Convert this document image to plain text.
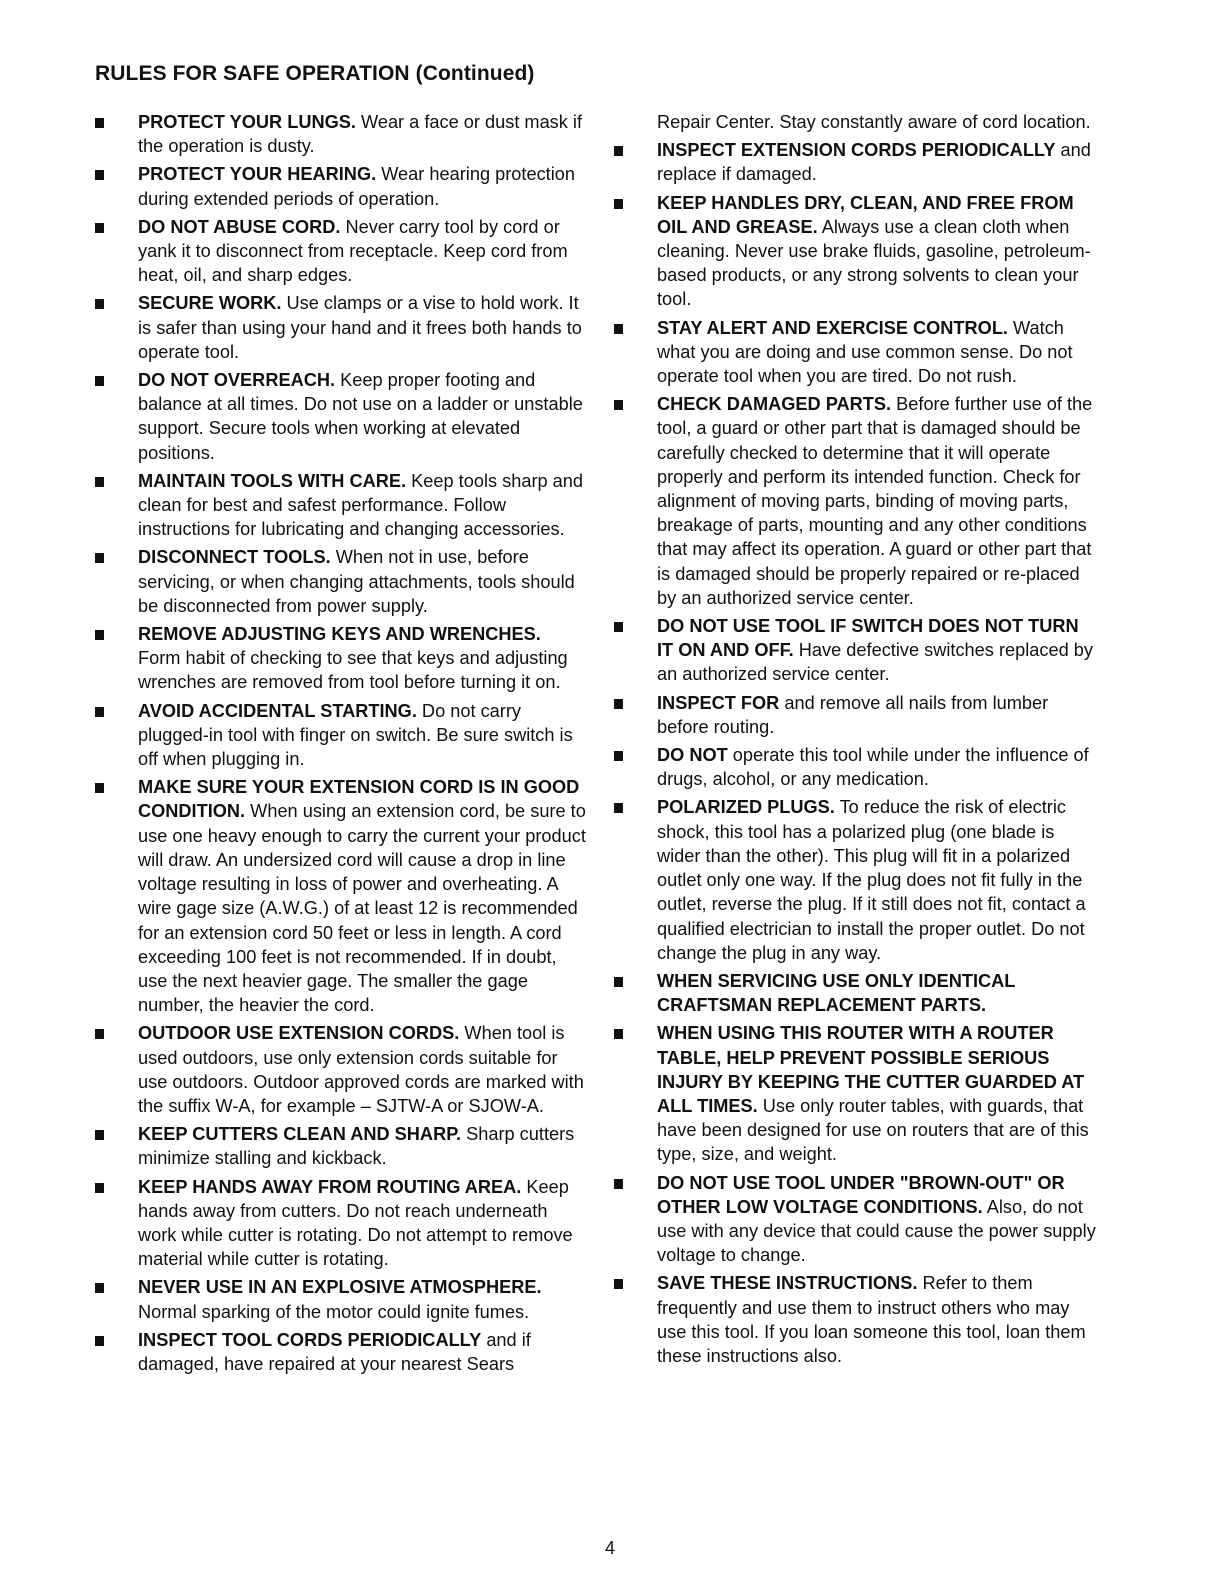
RULES FOR SAFE OPERATION (Continued)
PROTECT YOUR LUNGS. Wear a face or dust mask if the operation is dusty.
PROTECT YOUR HEARING. Wear hearing protection during extended periods of operation.
DO NOT ABUSE CORD. Never carry tool by cord or yank it to disconnect from receptacle. Keep cord from heat, oil, and sharp edges.
SECURE WORK. Use clamps or a vise to hold work. It is safer than using your hand and it frees both hands to operate tool.
DO NOT OVERREACH. Keep proper footing and balance at all times. Do not use on a ladder or unstable support. Secure tools when working at elevated positions.
MAINTAIN TOOLS WITH CARE. Keep tools sharp and clean for best and safest performance. Follow instructions for lubricating and changing accessories.
DISCONNECT TOOLS. When not in use, before servicing, or when changing attachments, tools should be disconnected from power supply.
REMOVE ADJUSTING KEYS AND WRENCHES. Form habit of checking to see that keys and adjusting wrenches are removed from tool before turning it on.
AVOID ACCIDENTAL STARTING. Do not carry plugged-in tool with finger on switch. Be sure switch is off when plugging in.
MAKE SURE YOUR EXTENSION CORD IS IN GOOD CONDITION. When using an extension cord, be sure to use one heavy enough to carry the current your product will draw. An undersized cord will cause a drop in line voltage resulting in loss of power and overheating. A wire gage size (A.W.G.) of at least 12 is recommended for an extension cord 50 feet or less in length. A cord exceeding 100 feet is not recommended. If in doubt, use the next heavier gage. The smaller the gage number, the heavier the cord.
OUTDOOR USE EXTENSION CORDS. When tool is used outdoors, use only extension cords suitable for use outdoors. Outdoor approved cords are marked with the suffix W-A, for example – SJTW-A or SJOW-A.
KEEP CUTTERS CLEAN AND SHARP. Sharp cutters minimize stalling and kickback.
KEEP HANDS AWAY FROM ROUTING AREA. Keep hands away from cutters. Do not reach underneath work while cutter is rotating. Do not attempt to remove material while cutter is rotating.
NEVER USE IN AN EXPLOSIVE ATMOSPHERE. Normal sparking of the motor could ignite fumes.
INSPECT TOOL CORDS PERIODICALLY and if damaged, have repaired at your nearest Sears
Repair Center. Stay constantly aware of cord location.
INSPECT EXTENSION CORDS PERIODICALLY and replace if damaged.
KEEP HANDLES DRY, CLEAN, AND FREE FROM OIL AND GREASE. Always use a clean cloth when cleaning. Never use brake fluids, gasoline, petroleum-based products, or any strong solvents to clean your tool.
STAY ALERT AND EXERCISE CONTROL. Watch what you are doing and use common sense. Do not operate tool when you are tired. Do not rush.
CHECK DAMAGED PARTS. Before further use of the tool, a guard or other part that is damaged should be carefully checked to determine that it will operate properly and perform its intended function. Check for alignment of moving parts, binding of moving parts, breakage of parts, mounting and any other conditions that may affect its operation. A guard or other part that is damaged should be properly repaired or re-placed by an authorized service center.
DO NOT USE TOOL IF SWITCH DOES NOT TURN IT ON AND OFF. Have defective switches replaced by an authorized service center.
INSPECT FOR and remove all nails from lumber before routing.
DO NOT operate this tool while under the influence of drugs, alcohol, or any medication.
POLARIZED PLUGS. To reduce the risk of electric shock, this tool has a polarized plug (one blade is wider than the other). This plug will fit in a polarized outlet only one way. If the plug does not fit fully in the outlet, reverse the plug. If it still does not fit, contact a qualified electrician to install the proper outlet. Do not change the plug in any way.
WHEN SERVICING USE ONLY IDENTICAL CRAFTSMAN REPLACEMENT PARTS.
WHEN USING THIS ROUTER WITH A ROUTER TABLE, HELP PREVENT POSSIBLE SERIOUS INJURY BY KEEPING THE CUTTER GUARDED AT ALL TIMES. Use only router tables, with guards, that have been designed for use on routers that are of this type, size, and weight.
DO NOT USE TOOL UNDER "BROWN-OUT" OR OTHER LOW VOLTAGE CONDITIONS. Also, do not use with any device that could cause the power supply voltage to change.
SAVE THESE INSTRUCTIONS. Refer to them frequently and use them to instruct others who may use this tool. If you loan someone this tool, loan them these instructions also.
4
